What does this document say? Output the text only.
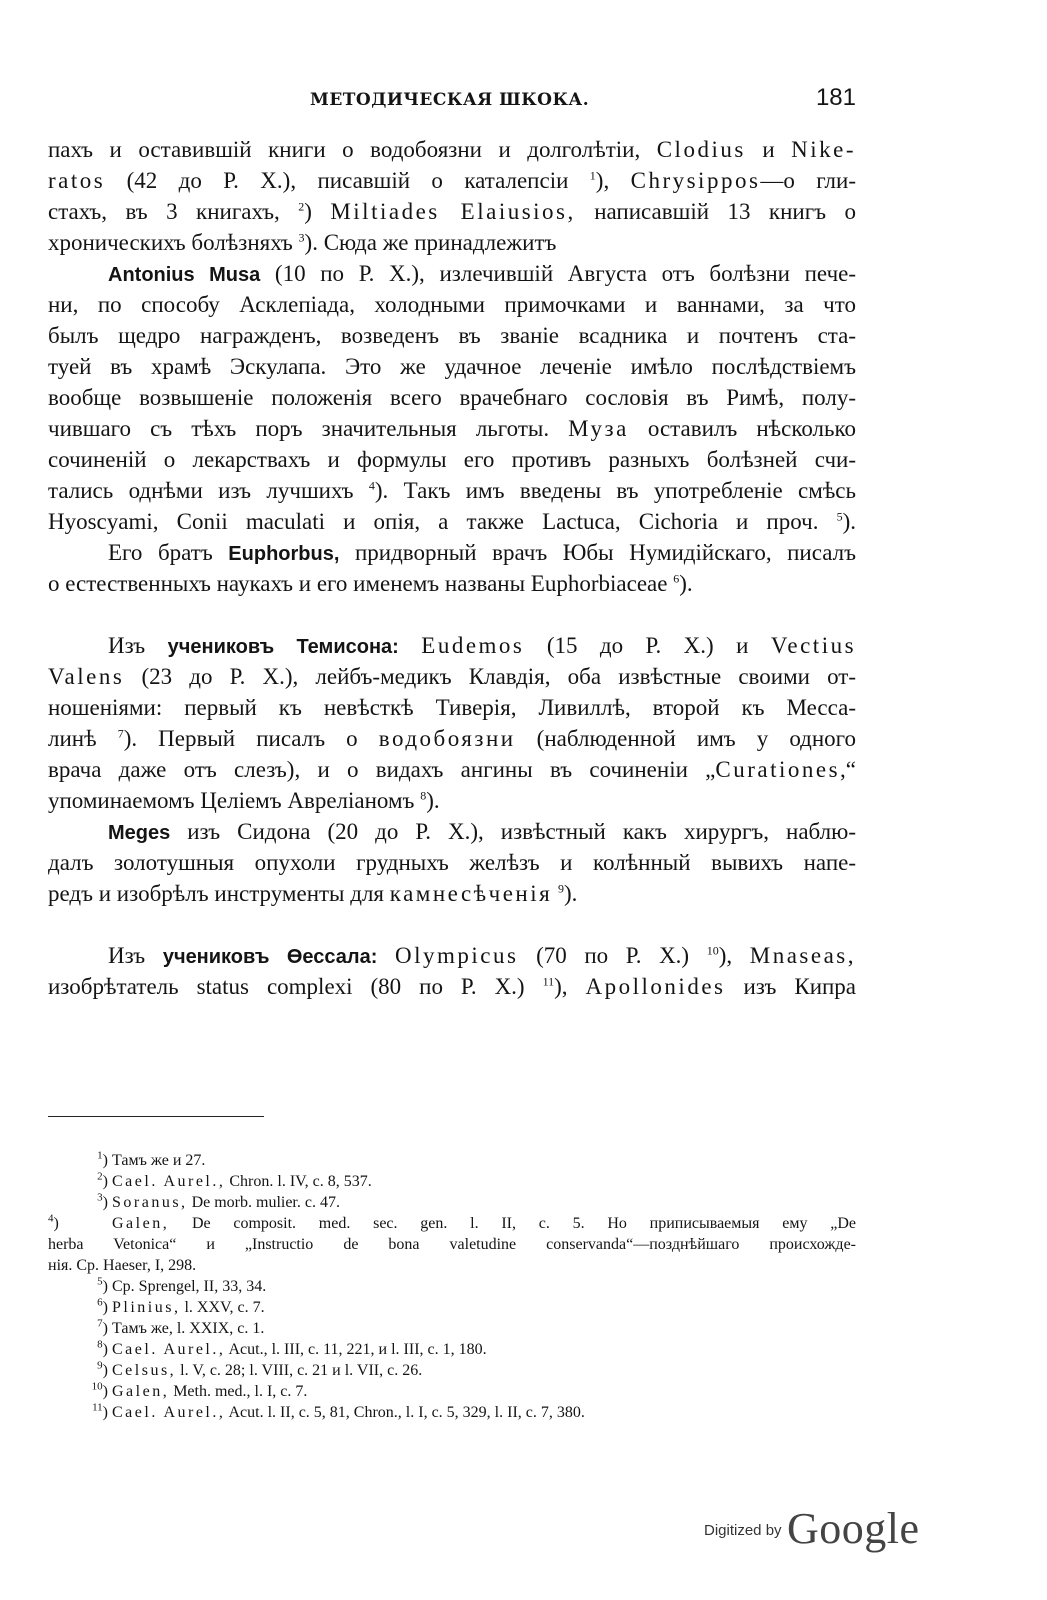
МЕТОДИЧЕСКАЯ ШКОКА.	181
пахъ и оставившій книги о водобоязни и долголѣтіи, Clodius и Nike-
ratos (42 до Р. X.), писавшій о каталепсіи $^1$), Chrysippos—о гли-
стахъ, въ 3 книгахъ, $^2$) Miltiades Elaiusios, написавшій 13 книгъ о
хроническихъ болѣзняхъ $^3$). Сюда же принадлежитъ
Antonius Musa (10 по Р. X.), излечившій Августа отъ болѣзни пече-
ни, по способу Асклепіада, холодными примочками и ваннами, за что
былъ щедро награжденъ, возведенъ въ званіе всадника и почтенъ ста-
туей въ храмѣ Эскулапа. Это же удачное леченіе имѣло послѣдствіемъ
вообще возвышеніе положенія всего врачебнаго сословія въ Римѣ, полу-
чившаго съ тѣхъ поръ значительныя льготы. Муза оставилъ нѣсколько
сочиненій о лекарствахъ и формулы его противъ разныхъ болѣзней счи-
тались однѣми изъ лучшихъ $^4$). Такъ имъ введены въ употребленіе смѣсь
Hyoscyami, Conii maculati и опія, а также Lactuca, Cichoria и проч. $^5$).
Его братъ Euphorbus, придворный врачъ Юбы Нумидійскаго, писалъ
о естественныхъ наукахъ и его именемъ названы Euphorbiaceae $^6$).
Изъ учениковъ Темисона: Eudemos (15 до Р. X.) и Vectius
Valens (23 до Р. X.), лейбъ-медикъ Клавдія, оба извѣстные своими от-
ношеніями: первый къ невѣсткѣ Тиверія, Ливиллѣ, второй къ Месса-
линѣ $^7$). Первый писалъ о водобоязни (наблюденной имъ у одного
врача даже отъ слезъ), и о видахъ ангины въ сочиненіи „Curationes,“
упоминаемомъ Целіемъ Авреліаномъ $^8$).
Meges изъ Сидона (20 до Р. X.), извѣстный какъ хирургъ, наблю-
далъ золотушныя опухоли грудныхъ желѣзъ и колѣнный вывихъ напе-
редъ и изобрѣлъ инструменты для камнесѣченія $^9$).
Изъ учениковъ Өессала: Olympicus (70 по Р. X.) $^{10}$), Mnaseas,
изобрѣтатель status complexi (80 по Р. X.) $^{11}$), Apollonides изъ Кипра
$^1$) Тамъ же и 27.
$^2$) Cael. Aurel., Chron. l. IV, c. 8, 537.
$^3$) Soranus, De morb. mulier. c. 47.
$^4$)	Galen, De composit. med. sec. gen. l. II, c. 5. Но приписываемыя ему „De
herba Vetonica“ и „Instructio de bona valetudine conservanda“—позднѣйшаго происхожде-
нія. Ср. Haeser, I, 298.
$^5$) Ср. Sprengel, II, 33, 34.
$^6$) Plinius, l. XXV, c. 7.
$^7$) Тамъ же, l. XXIX, c. 1.
$^8$) Cael. Aurel., Acut., l. III, c. 11, 221, и l. III, c. 1, 180.
$^9$) Celsus, l. V, c. 28; l. VIII, c. 21 и l. VII, c. 26.
$^{10}$) Galen, Meth. med., l. I, c. 7.
$^{11}$) Cael. Aurel., Acut. l. II, c. 5, 81, Chron., l. I, c. 5, 329, l. II, c. 7, 380.
Digitized by Google
